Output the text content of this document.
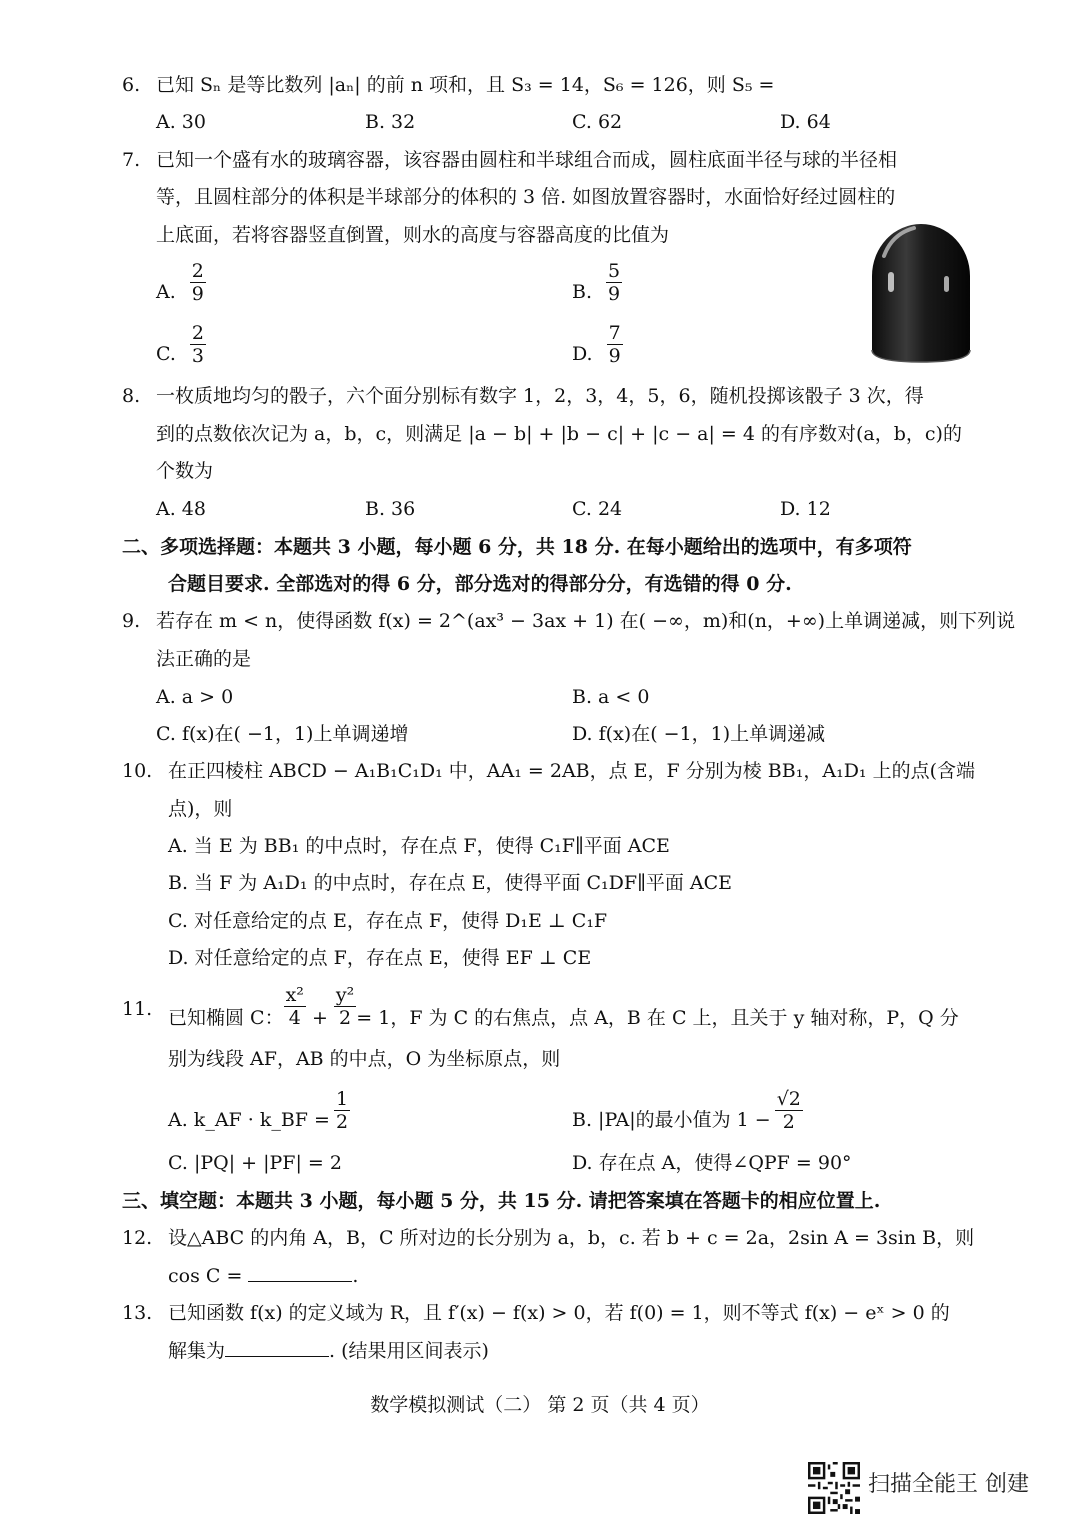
6. 已知 Sₙ 是等比数列 |aₙ| 的前 n 项和，且 S₃ = 14，S₆ = 126，则 S₅ =
A. 30	B. 32	C. 62	D. 64
7. 已知一个盛有水的玻璃容器，该容器由圆柱和半球组合而成，圆柱底面半径与球的半径相
等，且圆柱部分的体积是半球部分的体积的 3 倍. 如图放置容器时，水面恰好经过圆柱的
上底面，若将容器竖直倒置，则水的高度与容器高度的比值为
A. $\frac{2}{9}$	B. $\frac{5}{9}$
C. $\frac{2}{3}$	D. $\frac{7}{9}$
8. 一枚质地均匀的骰子，六个面分别标有数字 1，2，3，4，5，6，随机投掷该骰子 3 次，得
到的点数依次记为 a，b，c，则满足 |a − b| + |b − c| + |c − a| = 4 的有序数对(a，b，c)的
个数为
A. 48	B. 36	C. 24	D. 12
二、多项选择题：本题共 3 小题，每小题 6 分，共 18 分. 在每小题给出的选项中，有多项符
合题目要求. 全部选对的得 6 分，部分选对的得部分分，有选错的得 0 分.
9. 若存在 m < n，使得函数 f(x) = 2^(ax³ − 3ax + 1) 在( −∞，m)和(n，+∞)上单调递减，则下列说
法正确的是
A. a > 0	B. a < 0
C. f(x)在( −1，1)上单调递增	D. f(x)在( −1，1)上单调递减
10. 在正四棱柱 ABCD − A₁B₁C₁D₁ 中，AA₁ = 2AB，点 E，F 分别为棱 BB₁，A₁D₁ 上的点(含端
点)，则
A. 当 E 为 BB₁ 的中点时，存在点 F，使得 C₁F∥平面 ACE
B. 当 F 为 A₁D₁ 的中点时，存在点 E，使得平面 C₁DF∥平面 ACE
C. 对任意给定的点 E，存在点 F，使得 D₁E ⊥ C₁F
D. 对任意给定的点 F，存在点 E，使得 EF ⊥ CE
11. 已知椭圆 C： $\frac{\text{x²}}{4} + \frac{\text{y²}}{2} = 1$，F 为 C 的右焦点，点 A，B 在 C 上，且关于 y 轴对称，P，Q 分
别为线段 AF，AB 的中点，O 为坐标原点，则
A. k_AF · k_BF = $\frac{1}{2}$	B. |PA|的最小值为 $1 - \frac{√2}{2}$
C. |PQ| + |PF| = 2	D. 存在点 A，使得∠QPF = 90°
三、填空题：本题共 3 小题，每小题 5 分，共 15 分. 请把答案填在答题卡的相应位置上.
12. 设△ABC 的内角 A，B，C 所对边的长分别为 a，b，c. 若 b + c = 2a，2sin A = 3sin B，则
cos C =	.
13. 已知函数 f(x) 的定义域为 R，且 f′(x) − f(x) > 0，若 f(0) = 1，则不等式 f(x) − eˣ > 0 的
解集为	. (结果用区间表示)
数学模拟测试（二） 第 2 页（共 4 页）
扫描全能王 创建
